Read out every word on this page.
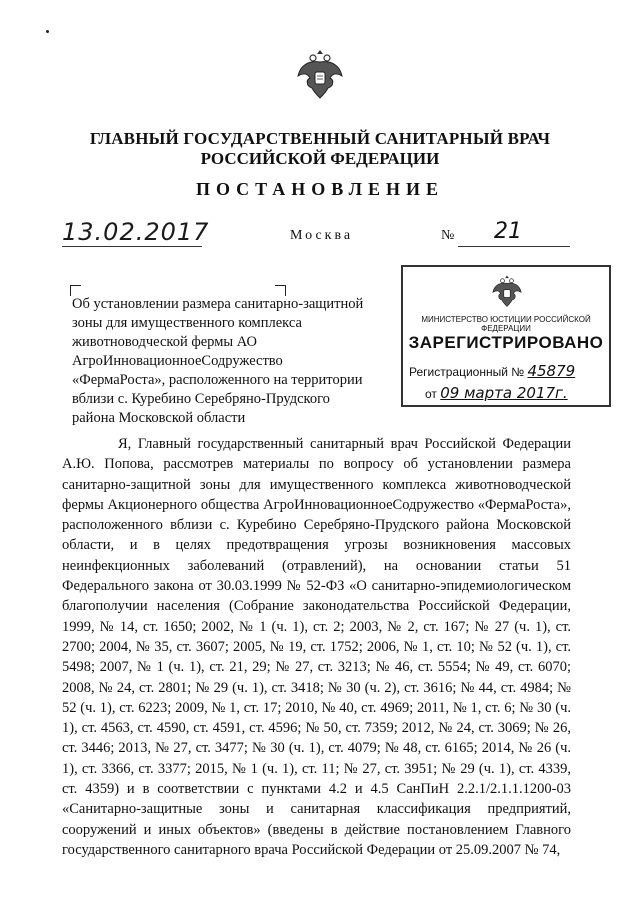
ГЛАВНЫЙ ГОСУДАРСТВЕННЫЙ САНИТАРНЫЙ ВРАЧ
РОССИЙСКОЙ ФЕДЕРАЦИИ
ПОСТАНОВЛЕНИЕ
13.02.2017	Москва	№	21
Об установлении размера санитарно-защитной зоны для имущественного комплекса животноводческой фермы АО АгроИнновационноеСодружество «ФермаРоста», расположенного на территории вблизи с. Куребино Серебряно-Прудского района Московской области
МИНИСТЕРСТВО ЮСТИЦИИ РОССИЙСКОЙ ФЕДЕРАЦИИ
ЗАРЕГИСТРИРОВАНО
Регистрационный № 45879
от 09 марта 2017г.
Я, Главный государственный санитарный врач Российской Федерации А.Ю. Попова, рассмотрев материалы по вопросу об установлении размера санитарно-защитной зоны для имущественного комплекса животноводческой фермы Акционерного общества АгроИнновационноеСодружество «ФермаРоста», расположенного вблизи с. Куребино Серебряно-Прудского района Московской области, и в целях предотвращения угрозы возникновения массовых неинфекционных заболеваний (отравлений), на основании статьи 51 Федерального закона от 30.03.1999 № 52-ФЗ «О санитарно-эпидемиологическом благополучии населения (Собрание законодательства Российской Федерации, 1999, № 14, ст. 1650; 2002, № 1 (ч. 1), ст. 2; 2003, № 2, ст. 167; № 27 (ч. 1), ст. 2700; 2004, № 35, ст. 3607; 2005, № 19, ст. 1752; 2006, № 1, ст. 10; № 52 (ч. 1), ст. 5498; 2007, № 1 (ч. 1), ст. 21, 29; № 27, ст. 3213; № 46, ст. 5554; № 49, ст. 6070; 2008, № 24, ст. 2801; № 29 (ч. 1), ст. 3418; № 30 (ч. 2), ст. 3616; № 44, ст. 4984; № 52 (ч. 1), ст. 6223; 2009, № 1, ст. 17; 2010, № 40, ст. 4969; 2011, № 1, ст. 6; № 30 (ч. 1), ст. 4563, ст. 4590, ст. 4591, ст. 4596; № 50, ст. 7359; 2012, № 24, ст. 3069; № 26, ст. 3446; 2013, № 27, ст. 3477; № 30 (ч. 1), ст. 4079; № 48, ст. 6165; 2014, № 26 (ч. 1), ст. 3366, ст. 3377; 2015, № 1 (ч. 1), ст. 11; № 27, ст. 3951; № 29 (ч. 1), ст. 4339, ст. 4359) и в соответствии с пунктами 4.2 и 4.5 СанПиН 2.2.1/2.1.1.1200-03 «Санитарно-защитные зоны и санитарная классификация предприятий, сооружений и иных объектов» (введены в действие постановлением Главного государственного санитарного врача Российской Федерации от 25.09.2007 № 74,
